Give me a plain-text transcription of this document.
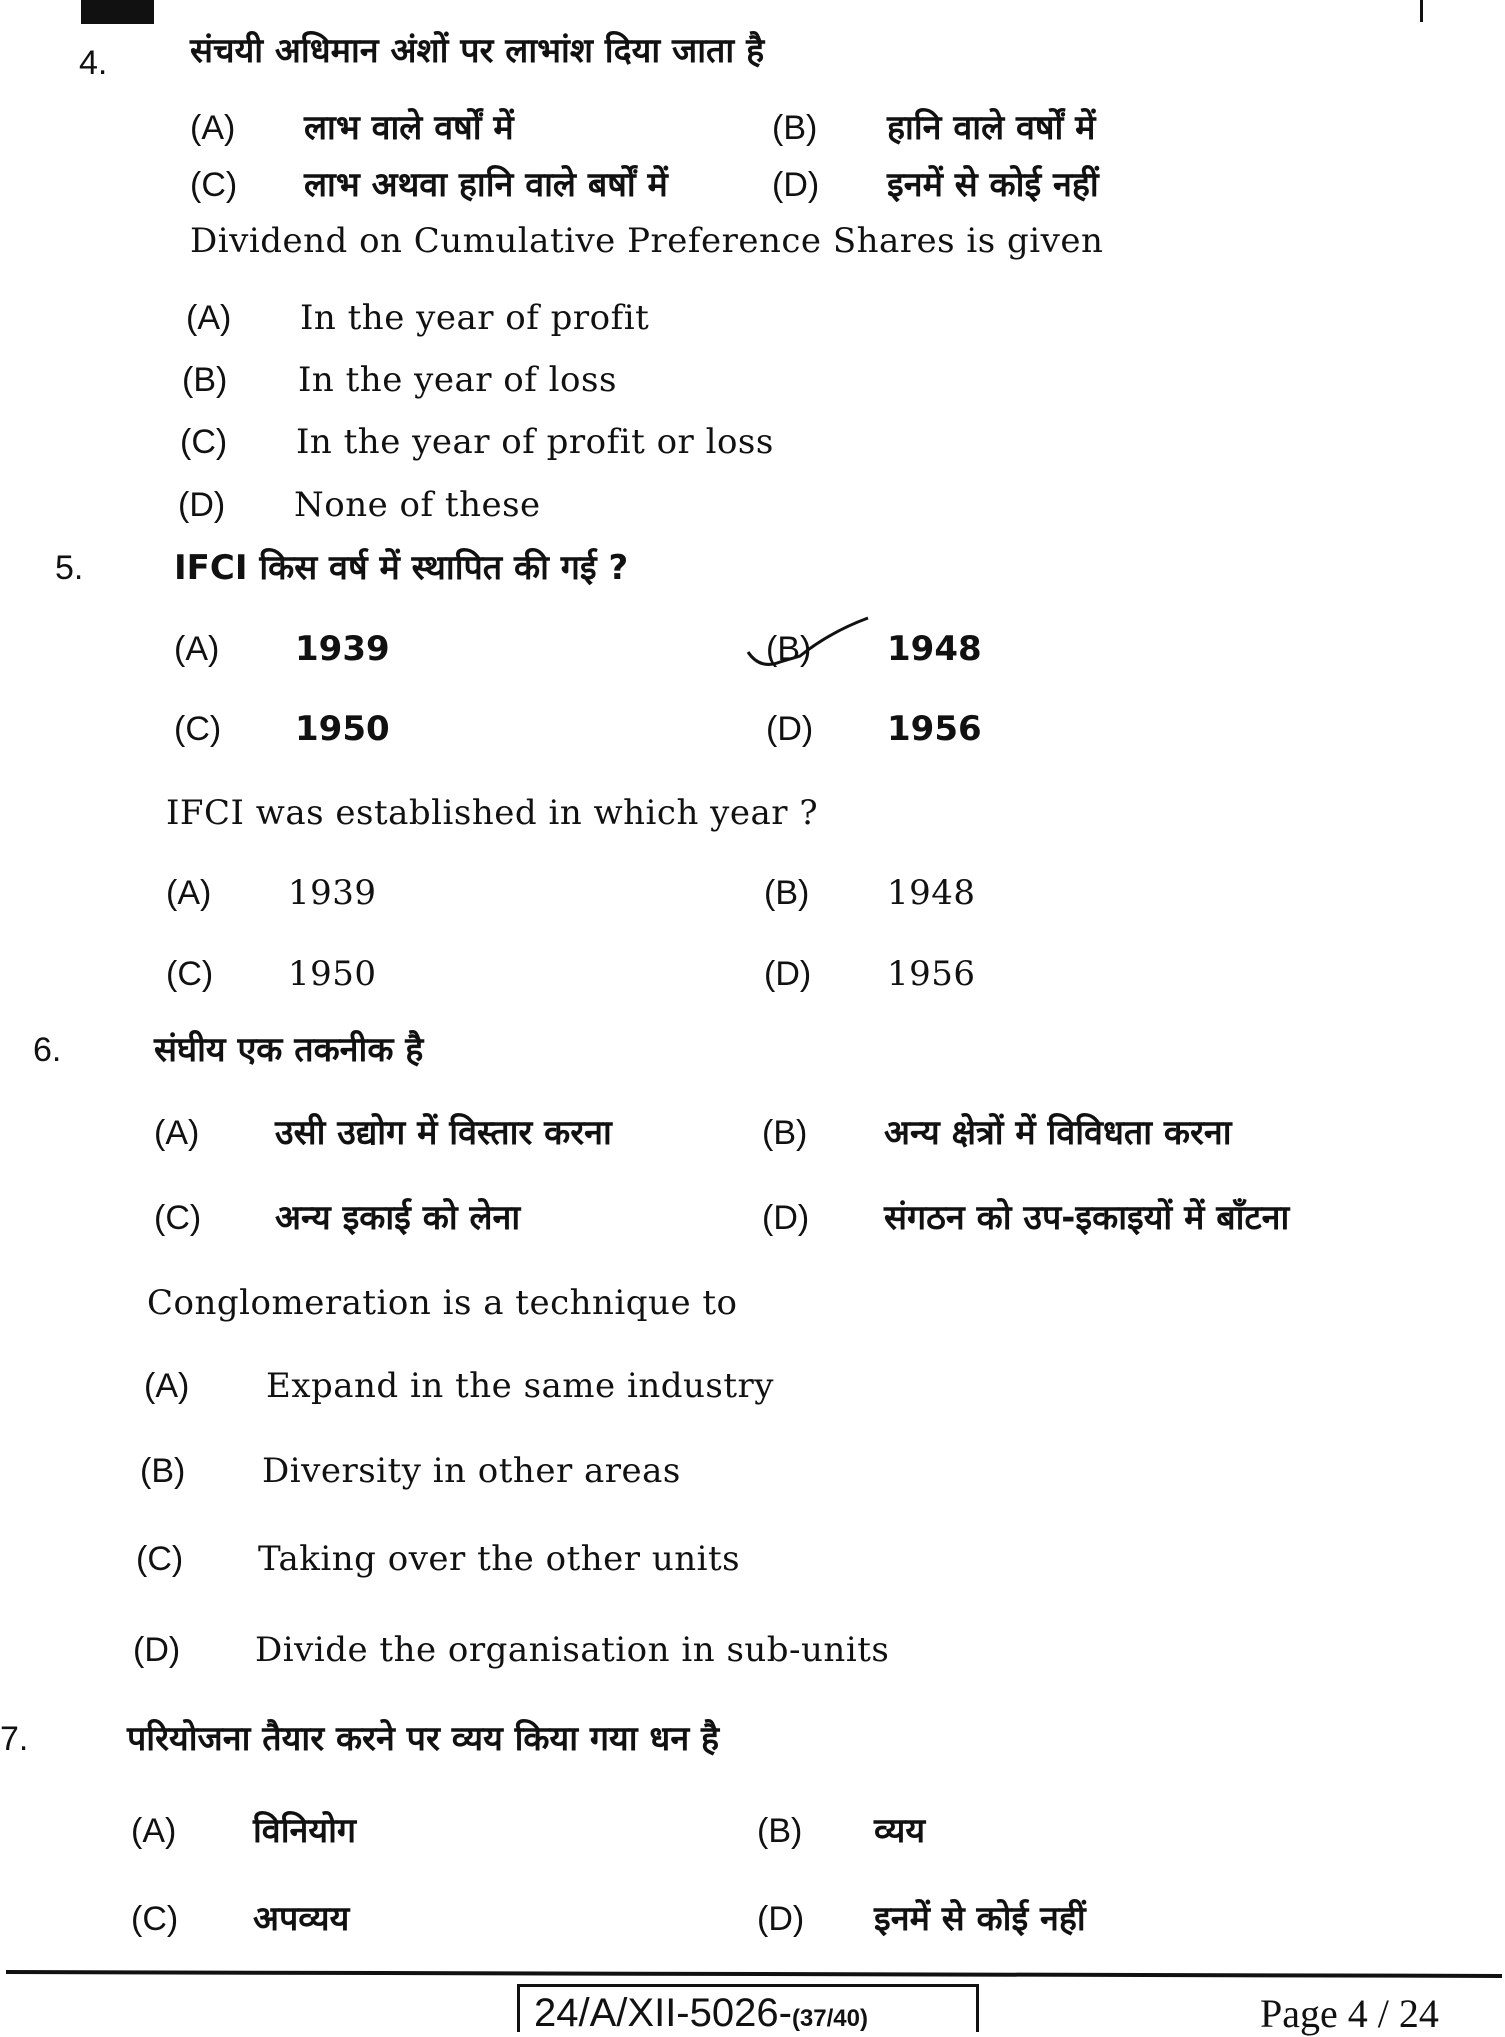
4. संचयी अधिमान अंशों पर लाभांश दिया जाता है
(A) लाभ वाले वर्षों में	(B) हानि वाले वर्षों में
(C) लाभ अथवा हानि वाले बर्षों में	(D) इनमें से कोई नहीं
Dividend on Cumulative Preference Shares is given
(A) In the year of profit
(B) In the year of loss
(C) In the year of profit or loss
(D) None of these
5.	IFCI किस वर्ष में स्थापित की गई ?
(A) 1939	(B) 1948
(C) 1950	(D) 1956
IFCI was established in which year ?
(A) 1939	(B) 1948
(C) 1950	(D) 1956
6.	संघीय एक तकनीक है
(A) उसी उद्योग में विस्तार करना	(B) अन्य क्षेत्रों में विविधता करना
(C) अन्य इकाई को लेना	(D) संगठन को उप-इकाइयों में बाँटना
Conglomeration is a technique to
(A) Expand in the same industry
(B) Diversity in other areas
(C) Taking over the other units
(D) Divide the organisation in sub-units
7.	परियोजना तैयार करने पर व्यय किया गया धन है
(A) विनियोग	(B) व्यय
(C) अपव्यय	(D) इनमें से कोई नहीं
24/A/XII-5026-(37/40)	Page 4 / 24
